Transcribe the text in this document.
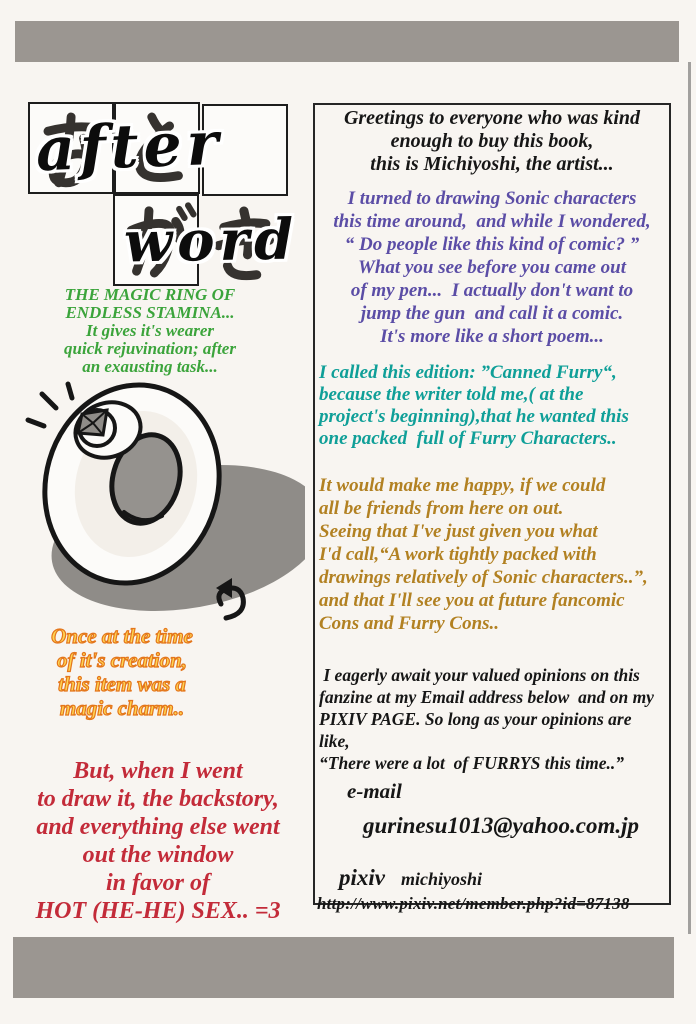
after
word
THE MAGIC RING OF
ENDLESS STAMINA...
It gives it's wearer
quick rejuvination; after
an exausting task...
Once at the time
of it's creation,
this item was a
magic charm..
But, when I went
to draw it, the backstory,
and everything else went
out the window
in favor of
HOT (HE-HE) SEX.. =3
Greetings to everyone who was kind
enough to buy this book,
this is Michiyoshi, the artist...
I turned to drawing Sonic characters
this time around,  and while I wondered,
“ Do people like this kind of comic? ”
What you see before you came out
of my pen...  I actually don't want to
jump the gun  and call it a comic.
It's more like a short poem...
I called this edition: ”Canned Furry“,
because the writer told me,( at the
project's beginning),that he wanted this
one packed  full of Furry Characters..
It would make me happy, if we could
all be friends from here on out.
Seeing that I've just given you what
I'd call,“A work tightly packed with
drawings relatively of Sonic characters..”,
and that I'll see you at future fancomic
Cons and Furry Cons..
I eagerly await your valued opinions on this
fanzine at my Email address below  and on my
PIXIV PAGE. So long as your opinions are like,
“There were a lot  of FURRYS this time..”
e-mail
gurinesu1013@yahoo.com.jp
pixiv michiyoshi
http://www.pixiv.net/member.php?id=87138
